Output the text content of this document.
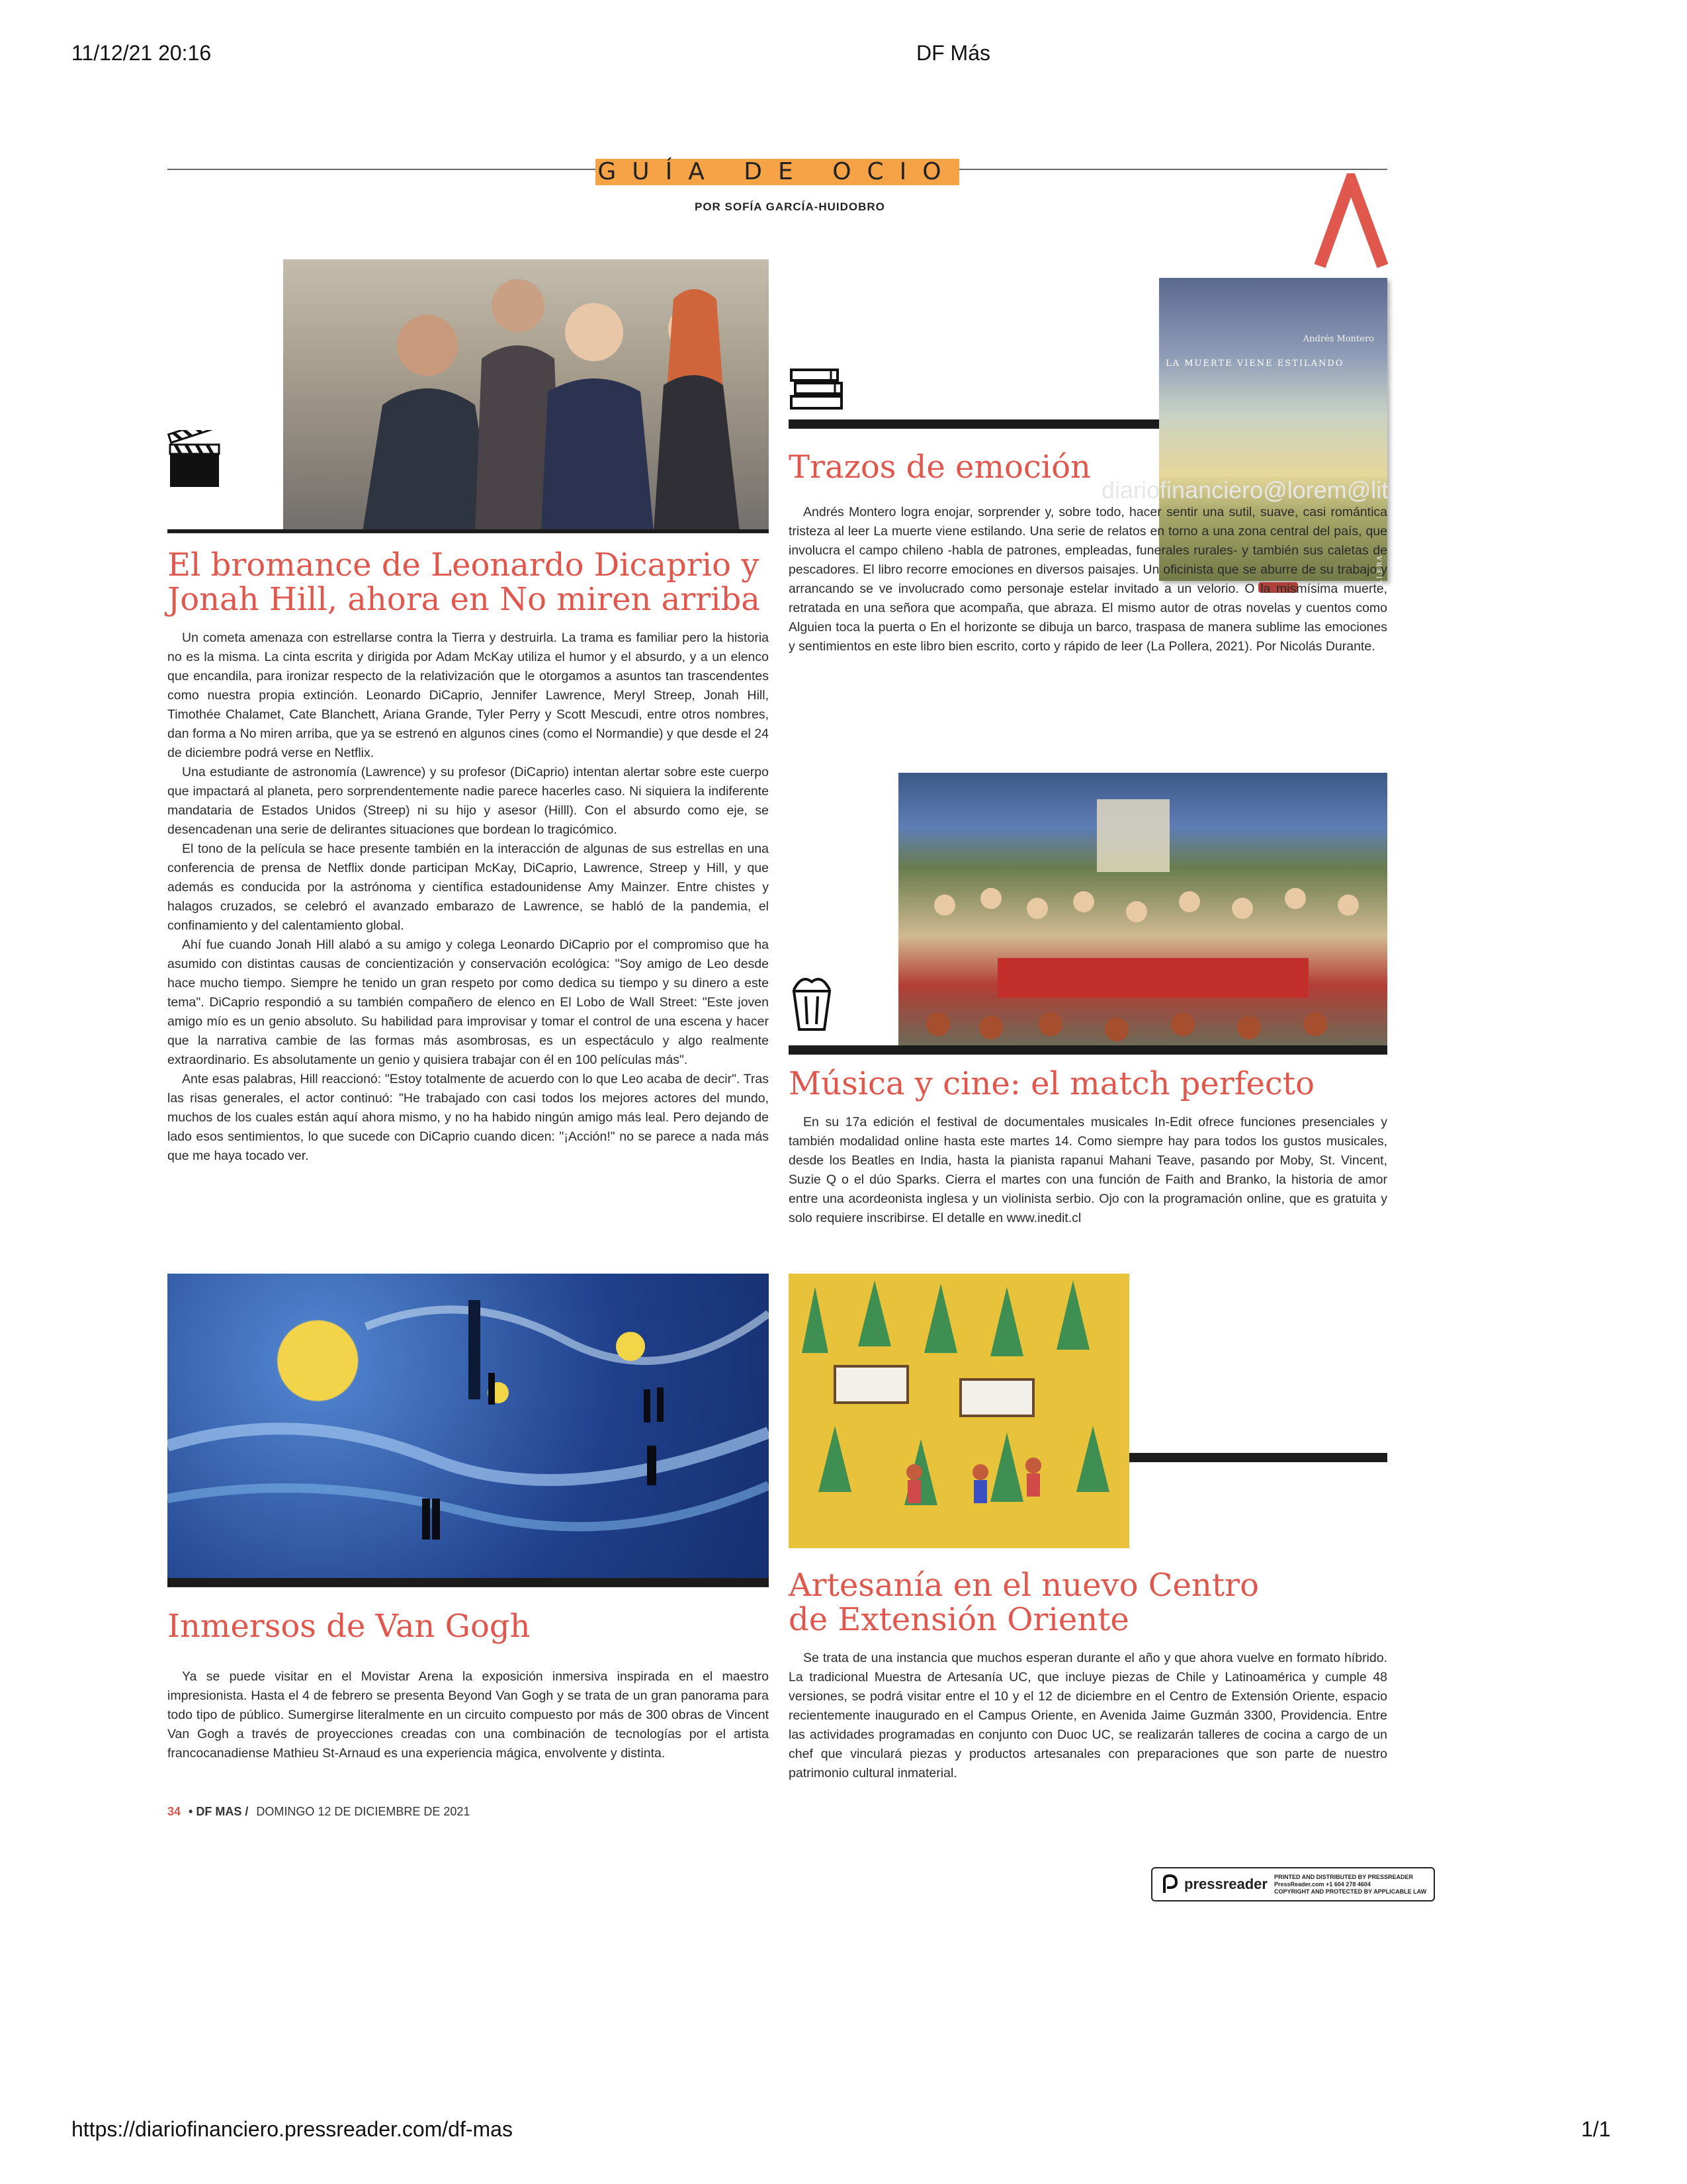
11/12/21 20:16	DF Más
GUÍA DE OCIO
POR SOFÍA GARCÍA-HUIDOBRO
El bromance de Leonardo Dicaprio y
Jonah Hill, ahora en No miren arriba

Un cometa amenaza con estrellarse contra la Tierra y destruirla. La trama es familiar pero la historia no es la misma. La cinta escrita y dirigida por Adam McKay utiliza el humor y el absurdo, y a un elenco que encandila, para ironizar respecto de la relativización que le otorgamos a asuntos tan trascendentes como nuestra propia extinción. Leonardo DiCaprio, Jennifer Lawrence, Meryl Streep, Jonah Hill, Timothée Chalamet, Cate Blanchett, Ariana Grande, Tyler Perry y Scott Mescudi, entre otros nombres, dan forma a No miren arriba, que ya se estrenó en algunos cines (como el Normandie) y que desde el 24 de diciembre podrá verse en Netflix.

Una estudiante de astronomía (Lawrence) y su profesor (DiCaprio) intentan alertar sobre este cuerpo que impactará al planeta, pero sorprendentemente nadie parece hacerles caso. Ni siquiera la indiferente mandataria de Estados Unidos (Streep) ni su hijo y asesor (Hilll). Con el absurdo como eje, se desencadenan una serie de delirantes situaciones que bordean lo tragicómico.

El tono de la película se hace presente también en la interacción de algunas de sus estrellas en una conferencia de prensa de Netflix donde participan McKay, DiCaprio, Lawrence, Streep y Hill, y que además es conducida por la astrónoma y científica estadounidense Amy Mainzer. Entre chistes y halagos cruzados, se celebró el avanzado embarazo de Lawrence, se habló de la pandemia, el confinamiento y del calentamiento global.

Ahí fue cuando Jonah Hill alabó a su amigo y colega Leonardo DiCaprio por el compromiso que ha asumido con distintas causas de concientización y conservación ecológica: "Soy amigo de Leo desde hace mucho tiempo. Siempre he tenido un gran respeto por como dedica su tiempo y su dinero a este tema". DiCaprio respondió a su también compañero de elenco en El Lobo de Wall Street: "Este joven amigo mío es un genio absoluto. Su habilidad para improvisar y tomar el control de una escena y hacer que la narrativa cambie de las formas más asombrosas, es un espectáculo y algo realmente extraordinario. Es absolutamente un genio y quisiera trabajar con él en 100 películas más".

Ante esas palabras, Hill reaccionó: "Estoy totalmente de acuerdo con lo que Leo acaba de decir". Tras las risas generales, el actor continuó: "He trabajado con casi todos los mejores actores del mundo, muchos de los cuales están aquí ahora mismo, y no ha habido ningún amigo más leal. Pero dejando de lado esos sentimientos, lo que sucede con DiCaprio cuando dicen: "¡Acción!" no se parece a nada más que me haya tocado ver.

Andrés Montero
LA MUERTE VIENE ESTILANDO
LA POLLERA
Trazos de emoción
diariofinanciero@lorem@lit

Andrés Montero logra enojar, sorprender y, sobre todo, hacer sentir una sutil, suave, casi romántica tristeza al leer La muerte viene estilando. Una serie de relatos en torno a una zona central del país, que involucra el campo chileno -habla de patrones, empleadas, funerales rurales- y también sus caletas de pescadores. El libro recorre emociones en diversos paisajes. Un oficinista que se aburre de su trabajo y arrancando se ve involucrado como personaje estelar invitado a un velorio. O la mismísima muerte, retratada en una señora que acompaña, que abraza. El mismo autor de otras novelas y cuentos como Alguien toca la puerta o En el horizonte se dibuja un barco, traspasa de manera sublime las emociones y sentimientos en este libro bien escrito, corto y rápido de leer (La Pollera, 2021). Por Nicolás Durante.

Música y cine: el match perfecto

En su 17a edición el festival de documentales musicales In-Edit ofrece funciones presenciales y también modalidad online hasta este martes 14. Como siempre hay para todos los gustos musicales, desde los Beatles en India, hasta la pianista rapanui Mahani Teave, pasando por Moby, St. Vincent, Suzie Q o el dúo Sparks. Cierra el martes con una función de Faith and Branko, la historia de amor entre una acordeonista inglesa y un violinista serbio. Ojo con la programación online, que es gratuita y solo requiere inscribirse. El detalle en www.inedit.cl

Inmersos de Van Gogh

Ya se puede visitar en el Movistar Arena la exposición inmersiva inspirada en el maestro impresionista. Hasta el 4 de febrero se presenta Beyond Van Gogh y se trata de un gran panorama para todo tipo de público. Sumergirse literalmente en un circuito compuesto por más de 300 obras de Vincent Van Gogh a través de proyecciones creadas con una combinación de tecnologías por el artista francocanadiense Mathieu St-Arnaud es una experiencia mágica, envolvente y distinta.

Artesanía en el nuevo Centro
de Extensión Oriente

Se trata de una instancia que muchos esperan durante el año y que ahora vuelve en formato híbrido. La tradicional Muestra de Artesanía UC, que incluye piezas de Chile y Latinoamérica y cumple 48 versiones, se podrá visitar entre el 10 y el 12 de diciembre en el Centro de Extensión Oriente, espacio recientemente inaugurado en el Campus Oriente, en Avenida Jaime Guzmán 3300, Providencia. Entre las actividades programadas en conjunto con Duoc UC, se realizarán talleres de cocina a cargo de un chef que vinculará piezas y productos artesanales con preparaciones que son parte de nuestro patrimonio cultural inmaterial.

34 • DF MAS / DOMINGO 12 DE DICIEMBRE DE 2021
pressreader PRINTED AND DISTRIBUTED BY PRESSREADER
PressReader.com +1 604 278 4604
COPYRIGHT AND PROTECTED BY APPLICABLE LAW
https://diariofinanciero.pressreader.com/df-mas	1/1
